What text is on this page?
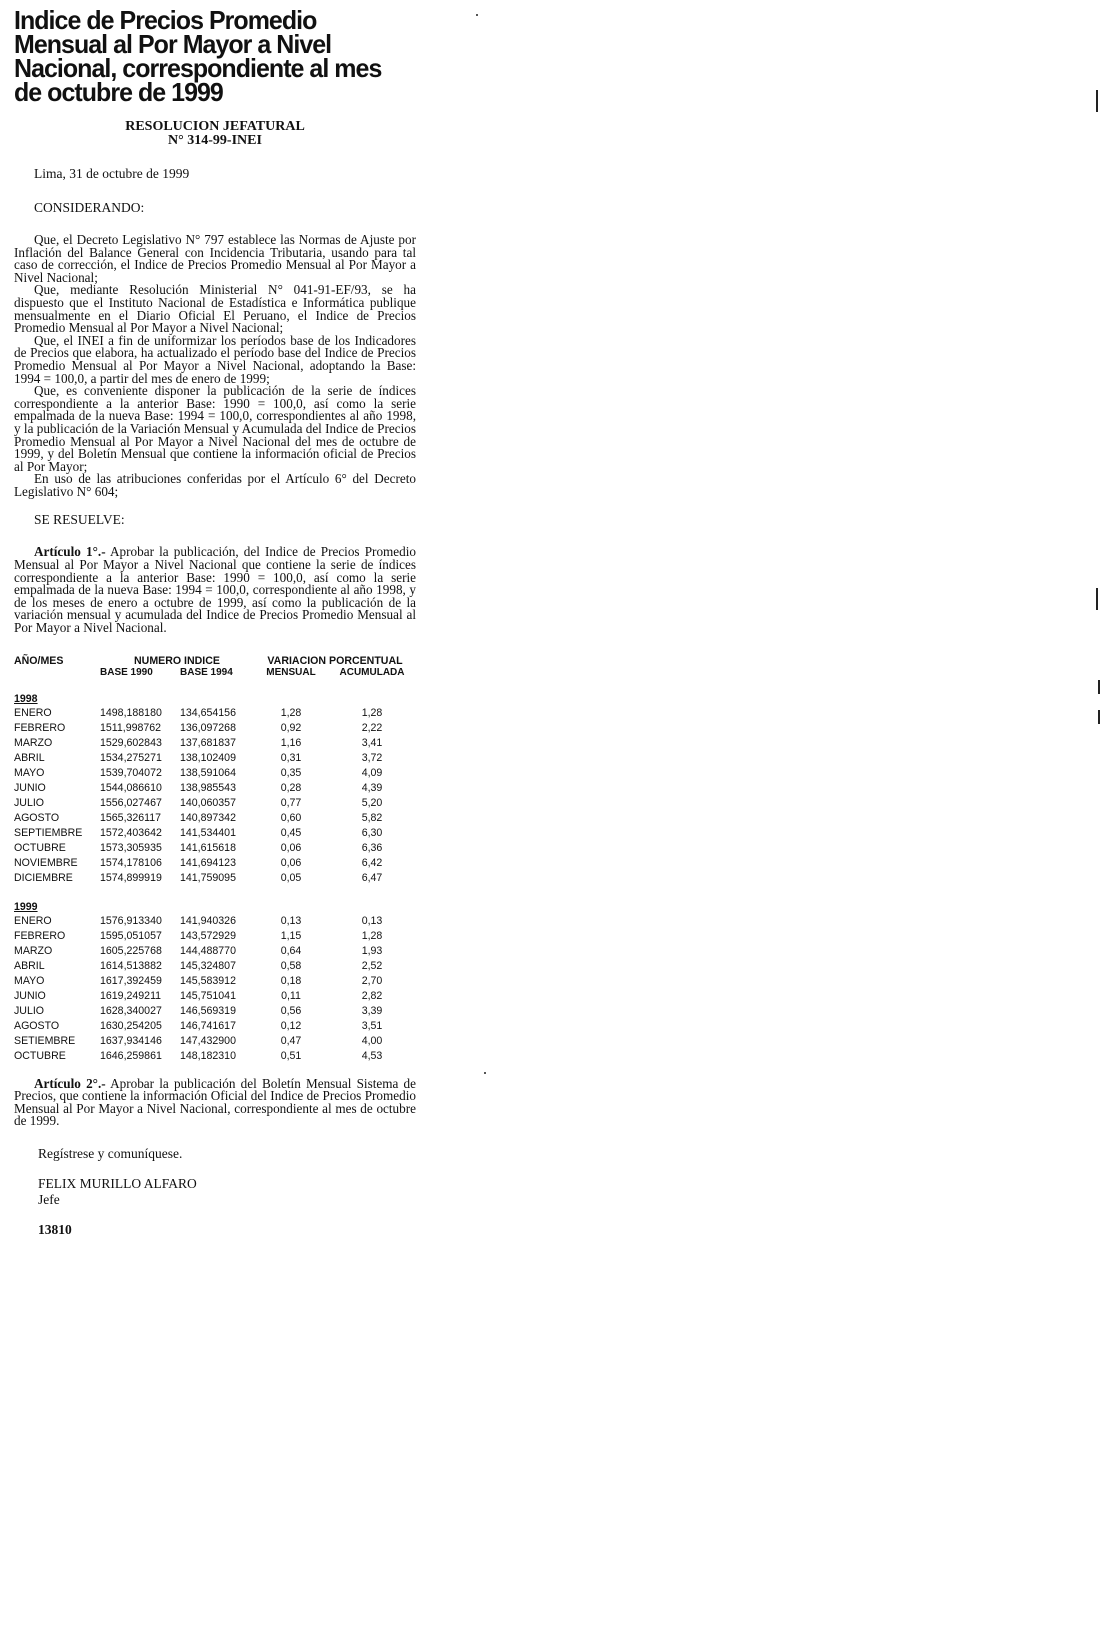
Indice de Precios Promedio Mensual al Por Mayor a Nivel Nacional, correspondiente al mes de octubre de 1999
RESOLUCION JEFATURAL
N° 314-99-INEI
Lima, 31 de octubre de 1999
CONSIDERANDO:

Que, el Decreto Legislativo N° 797 establece las Normas de Ajuste por Inflación del Balance General con Incidencia Tributaria, usando para tal caso de corrección, el Indice de Precios Promedio Mensual al Por Mayor a Nivel Nacional;

Que, mediante Resolución Ministerial N° 041-91-EF/93, se ha dispuesto que el Instituto Nacional de Estadística e Informática publique mensualmente en el Diario Oficial El Peruano, el Indice de Precios Promedio Mensual al Por Mayor a Nivel Nacional;

Que, el INEI a fin de uniformizar los períodos base de los Indicadores de Precios que elabora, ha actualizado el período base del Indice de Precios Promedio Mensual al Por Mayor a Nivel Nacional, adoptando la Base: 1994 = 100,0, a partir del mes de enero de 1999;

Que, es conveniente disponer la publicación de la serie de índices correspondiente a la anterior Base: 1990 = 100,0, así como la serie empalmada de la nueva Base: 1994 = 100,0, correspondientes al año 1998, y la publicación de la Variación Mensual y Acumulada del Indice de Precios Promedio Mensual al Por Mayor a Nivel Nacional del mes de octubre de 1999, y del Boletín Mensual que contiene la información oficial de Precios al Por Mayor;

En uso de las atribuciones conferidas por el Artículo 6° del Decreto Legislativo N° 604;

SE RESUELVE:

Artículo 1°.- Aprobar la publicación, del Indice de Precios Promedio Mensual al Por Mayor a Nivel Nacional que contiene la serie de índices correspondiente a la anterior Base: 1990 = 100,0, así como la serie empalmada de la nueva Base: 1994 = 100,0, correspondiente al año 1998, y de los meses de enero a octubre de 1999, así como la publicación de la variación mensual y acumulada del Indice de Precios Promedio Mensual al Por Mayor a Nivel Nacional.

AÑO/MES	NUMERO INDICE	VARIACION PORCENTUAL
BASE 1990	BASE 1994	MENSUAL	ACUMULADA
1998
ENERO	1498,188180	134,654156	1,28	1,28
FEBRERO	1511,998762	136,097268	0,92	2,22
MARZO	1529,602843	137,681837	1,16	3,41
ABRIL	1534,275271	138,102409	0,31	3,72
MAYO	1539,704072	138,591064	0,35	4,09
JUNIO	1544,086610	138,985543	0,28	4,39
JULIO	1556,027467	140,060357	0,77	5,20
AGOSTO	1565,326117	140,897342	0,60	5,82
SEPTIEMBRE	1572,403642	141,534401	0,45	6,30
OCTUBRE	1573,305935	141,615618	0,06	6,36
NOVIEMBRE	1574,178106	141,694123	0,06	6,42
DICIEMBRE	1574,899919	141,759095	0,05	6,47
1999
ENERO	1576,913340	141,940326	0,13	0,13
FEBRERO	1595,051057	143,572929	1,15	1,28
MARZO	1605,225768	144,488770	0,64	1,93
ABRIL	1614,513882	145,324807	0,58	2,52
MAYO	1617,392459	145,583912	0,18	2,70
JUNIO	1619,249211	145,751041	0,11	2,82
JULIO	1628,340027	146,569319	0,56	3,39
AGOSTO	1630,254205	146,741617	0,12	3,51
SETIEMBRE	1637,934146	147,432900	0,47	4,00
OCTUBRE	1646,259861	148,182310	0,51	4,53

Artículo 2°.- Aprobar la publicación del Boletín Mensual Sistema de Precios, que contiene la información Oficial del Indice de Precios Promedio Mensual al Por Mayor a Nivel Nacional, correspondiente al mes de octubre de 1999.

Regístrese y comuníquese.
FELIX MURILLO ALFARO
Jefe
13810
